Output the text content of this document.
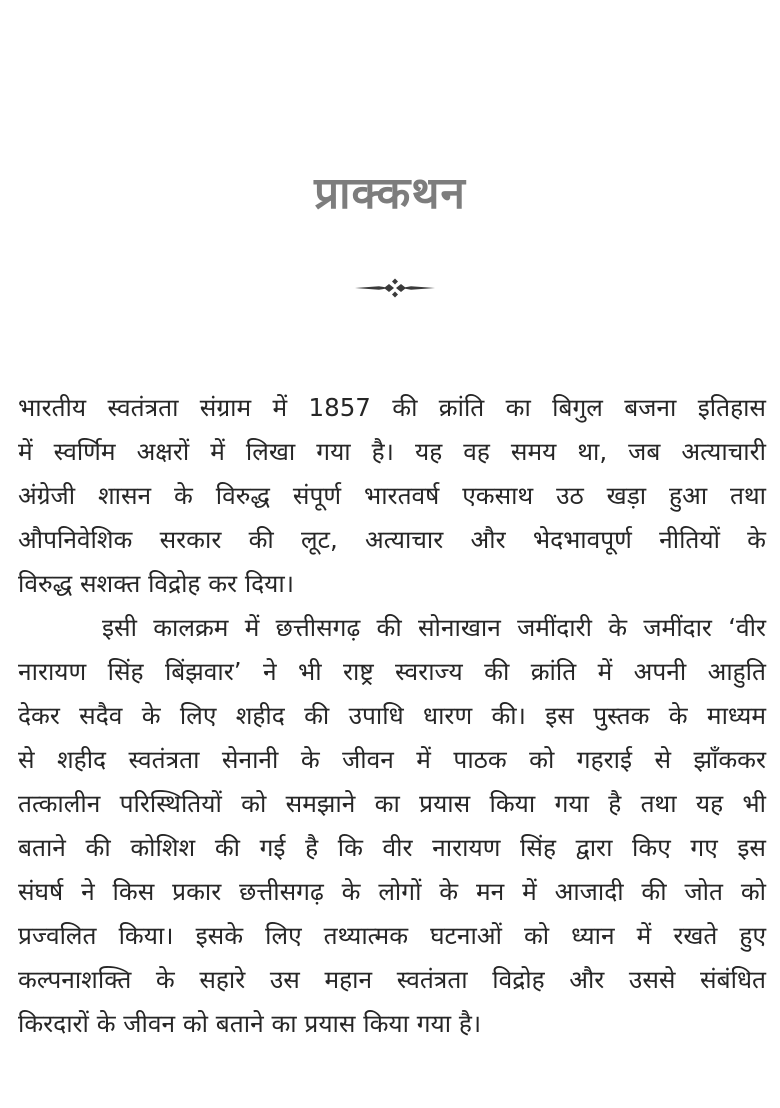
प्राक्कथन
भारतीय स्वतंत्रता संग्राम में 1857 की क्रांति का बिगुल बजना इतिहास
में स्वर्णिम अक्षरों में लिखा गया है। यह वह समय था, जब अत्याचारी
अंग्रेजी शासन के विरुद्ध संपूर्ण भारतवर्ष एकसाथ उठ खड़ा हुआ तथा
औपनिवेशिक सरकार की लूट, अत्याचार और भेदभावपूर्ण नीतियों के
विरुद्ध सशक्त विद्रोह कर दिया।
इसी कालक्रम में छत्तीसगढ़ की सोनाखान जमींदारी के जमींदार ‘वीर
नारायण सिंह बिंझवार’ ने भी राष्ट्र स्वराज्य की क्रांति में अपनी आहुति
देकर सदैव के लिए शहीद की उपाधि धारण की। इस पुस्तक के माध्यम
से शहीद स्वतंत्रता सेनानी के जीवन में पाठक को गहराई से झाँककर
तत्कालीन परिस्थितियों को समझाने का प्रयास किया गया है तथा यह भी
बताने की कोशिश की गई है कि वीर नारायण सिंह द्वारा किए गए इस
संघर्ष ने किस प्रकार छत्तीसगढ़ के लोगों के मन में आजादी की जोत को
प्रज्वलित किया। इसके लिए तथ्यात्मक घटनाओं को ध्यान में रखते हुए
कल्पनाशक्ति के सहारे उस महान स्वतंत्रता विद्रोह और उससे संबंधित
किरदारों के जीवन को बताने का प्रयास किया गया है।
